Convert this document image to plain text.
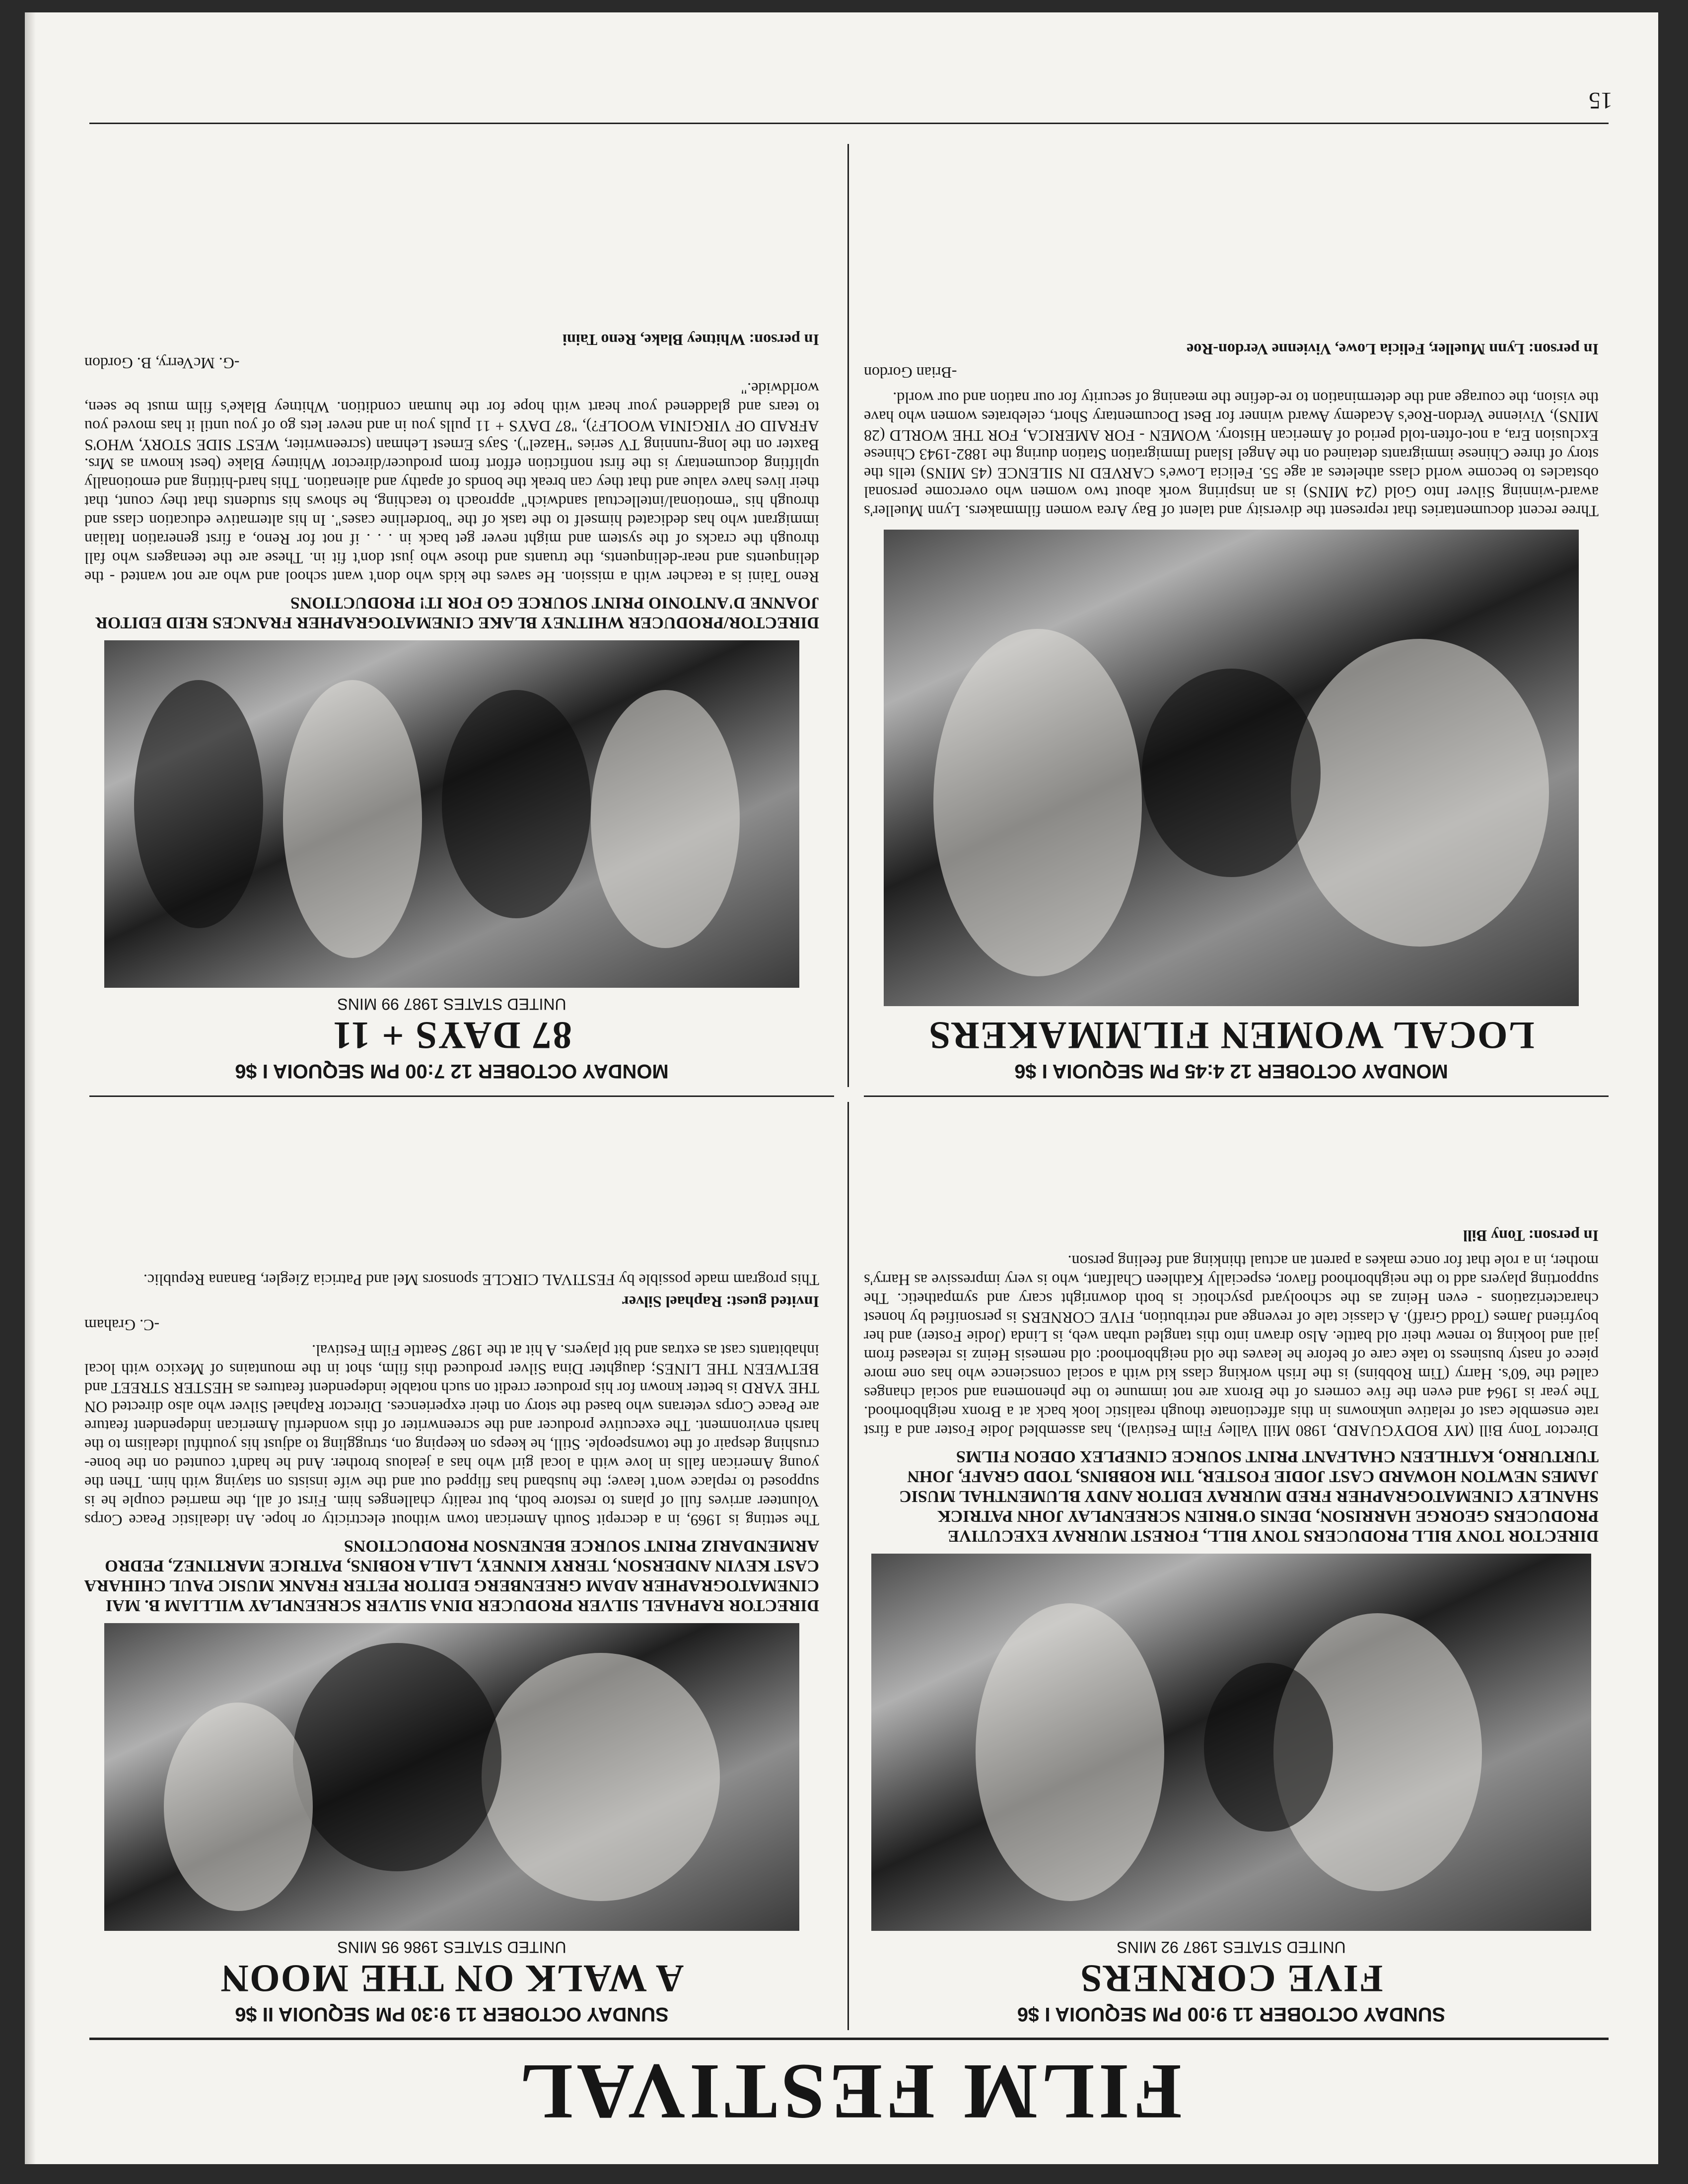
FILM FESTIVAL

SUNDAY OCTOBER 11 9:00 PM SEQUOIA I $6

FIVE CORNERS

UNITED STATES 1987 92 MINS

DIRECTOR TONY BILL PRODUCERS TONY BILL, FOREST MURRAY EXECUTIVE PRODUCERS GEORGE HARRISON, DENIS O'BRIEN SCREENPLAY JOHN PATRICK SHANLEY CINEMATOGRAPHER FRED MURRAY EDITOR ANDY BLUMENTHAL MUSIC JAMES NEWTON HOWARD CAST JODIE FOSTER, TIM ROBBINS, TODD GRAFF, JOHN TURTURRO, KATHLEEN CHALFANT PRINT SOURCE CINEPLEX ODEON FILMS

Director Tony Bill (MY BODYGUARD, 1980 Mill Valley Film Festival), has assembled Jodie Foster and a first rate ensemble cast of relative unknowns in this affectionate though realistic look back at a Bronx neighborhood. The year is 1964 and even the five corners of the Bronx are not immune to the phenomena and social changes called the '60's. Harry (Tim Robbins) is the Irish working class kid with a social conscience who has one more piece of nasty business to take care of before he leaves the old neighborhood: old nemesis Heinz is released from jail and looking to renew their old battle. Also drawn into this tangled urban web, is Linda (Jodie Foster) and her boyfriend James (Todd Graff). A classic tale of revenge and retribution, FIVE CORNERS is personified by honest characterizations - even Heinz as the schoolyard psychotic is both downright scary and sympathetic. The supporting players add to the neighborhood flavor, especially Kathleen Chalfant, who is very impressive as Harry's mother, in a role that for once makes a parent an actual thinking and feeling person.

In person: Tony Bill

SUNDAY OCTOBER 11 9:30 PM SEQUOIA II $6

A WALK ON THE MOON

UNITED STATES 1986 95 MINS

DIRECTOR RAPHAEL SILVER PRODUCER DINA SILVER SCREENPLAY WILLIAM B. MAI CINEMATOGRAPHER ADAM GREENBERG EDITOR PETER FRANK MUSIC PAUL CHIHARA CAST KEVIN ANDERSON, TERRY KINNEY, LAILA ROBINS, PATRICE MARTINEZ, PEDRO ARMENDARIZ PRINT SOURCE BENENSON PRODUCTIONS

The setting is 1969, in a decrepit South American town without electricity or hope. An idealistic Peace Corps Volunteer arrives full of plans to restore both, but reality challenges him. First of all, the married couple he is supposed to replace won't leave; the husband has flipped out and the wife insists on staying with him. Then the young American falls in love with a local girl who has a jealous brother. And he hadn't counted on the bone-crushing despair of the townspeople. Still, he keeps on keeping on, struggling to adjust his youthful idealism to the harsh environment. The executive producer and the screenwriter of this wonderful American independent feature are Peace Corps veterans who based the story on their experiences. Director Raphael Silver who also directed ON THE YARD is better known for his producer credit on such notable independent features as HESTER STREET and BETWEEN THE LINES; daughter Dina Silver produced this film, shot in the mountains of Mexico with local inhabitants cast as extras and bit players. A hit at the 1987 Seattle Film Festival.

-C. Graham

Invited guest: Raphael Silver

This program made possible by FESTIVAL CIRCLE sponsors Mel and Patricia Ziegler, Banana Republic.

MONDAY OCTOBER 12 4:45 PM SEQUOIA I $6

LOCAL WOMEN FILMMAKERS

Three recent documentaries that represent the diversity and talent of Bay Area women filmmakers. Lynn Mueller's award-winning Silver Into Gold (24 MINS) is an inspiring work about two women who overcome personal obstacles to become world class atheletes at age 55. Felicia Lowe's CARVED IN SILENCE (45 MINS) tells the story of three Chinese immigrants detained on the Angel Island Immigration Station during the 1882-1943 Chinese Exclusion Era, a not-often-told period of American History. WOMEN - FOR AMERICA, FOR THE WORLD (28 MINS), Vivienne Verdon-Roe's Academy Award winner for Best Documentary Short, celebrates women who have the vision, the courage and the determination to re-define the meaning of security for our nation and our world.

-Brian Gordon

In person: Lynn Mueller, Felicia Lowe, Vivienne Verdon-Roe

MONDAY OCTOBER 12 7:00 PM SEQUOIA I $6

87 DAYS + 11

UNITED STATES 1987 99 MINS

DIRECTOR/PRODUCER WHITNEY BLAKE CINEMATOGRAPHER FRANCES REID EDITOR JOANNE D'ANTONIO PRINT SOURCE GO FOR IT! PRODUCTIONS

Reno Taini is a teacher with a mission. He saves the kids who don't want school and who are not wanted - the delinquents and near-delinquents, the truants and those who just don't fit in. These are the teenagers who fall through the cracks of the system and might never get back in . . . if not for Reno, a first generation Italian immigrant who has dedicated himself to the task of the "borderline cases". In his alternative education class and through his "emotional/intellectual sandwich" approach to teaching, he shows his students that they count, that their lives have value and that they can break the bonds of apathy and alienation. This hard-hitting and emotionally uplifting documentary is the first nonfiction effort from producer/director Whitney Blake (best known as Mrs. Baxter on the long-running TV series "Hazel"). Says Ernest Lehman (screenwriter, WEST SIDE STORY, WHO'S AFRAID OF VIRGINIA WOOLF?), "87 DAYS + 11 pulls you in and never lets go of you until it has moved you to tears and gladdened your heart with hope for the human condition. Whitney Blake's film must be seen, worldwide."

-G. McVerry, B. Gordon

In person: Whitney Blake, Reno Taini

15
